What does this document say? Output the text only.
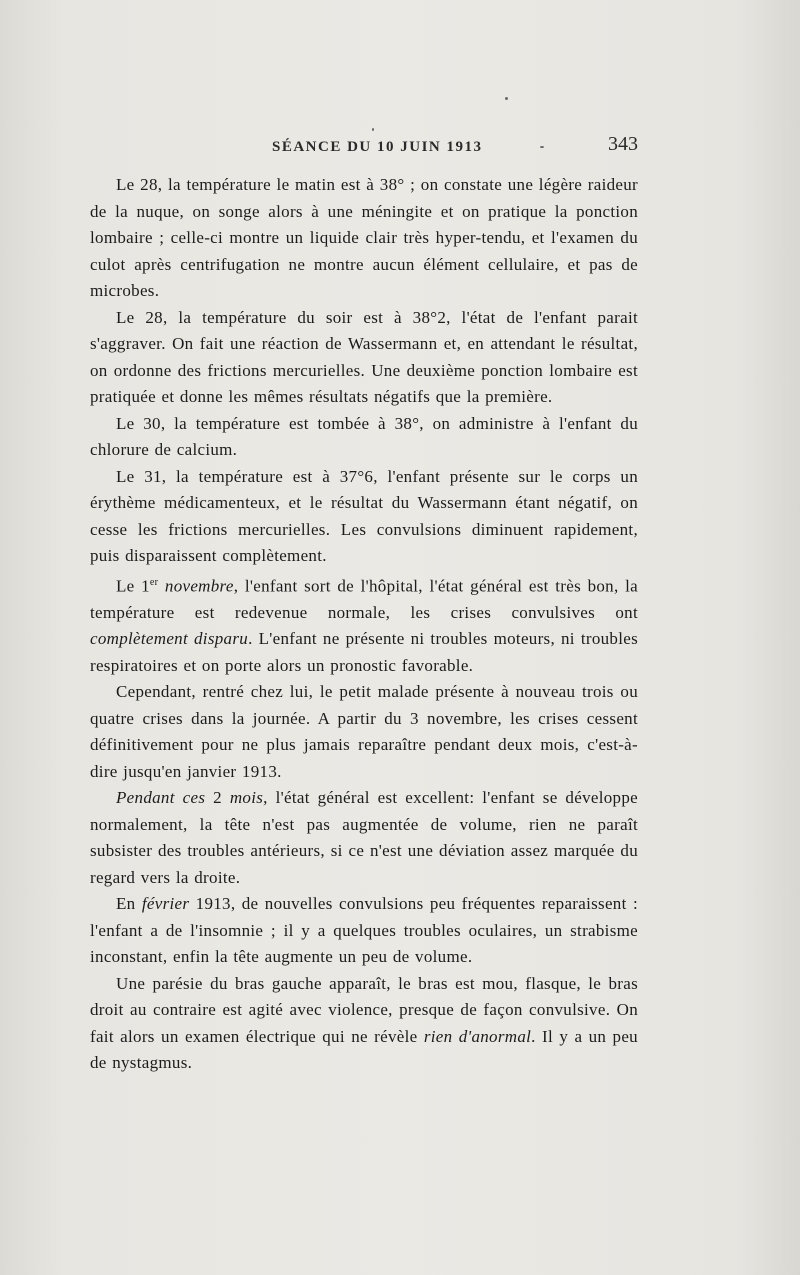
SÉANCE DU 10 JUIN 1913	343

Le 28, la température le matin est à 38° ; on constate une légère raideur de la nuque, on songe alors à une méningite et on pratique la ponction lombaire ; celle-ci montre un liquide clair très hyper-tendu, et l'examen du culot après centrifugation ne montre aucun élément cellulaire, et pas de microbes.

Le 28, la température du soir est à 38°2, l'état de l'enfant parait s'aggraver. On fait une réaction de Wassermann et, en attendant le résultat, on ordonne des frictions mercurielles. Une deuxième ponction lombaire est pratiquée et donne les mêmes résultats négatifs que la première.

Le 30, la température est tombée à 38°, on administre à l'enfant du chlorure de calcium.

Le 31, la température est à 37°6, l'enfant présente sur le corps un érythème médicamenteux, et le résultat du Wassermann étant négatif, on cesse les frictions mercurielles. Les convulsions diminuent rapidement, puis disparaissent complètement.

Le 1er novembre, l'enfant sort de l'hôpital, l'état général est très bon, la température est redevenue normale, les crises convulsives ont complètement disparu. L'enfant ne présente ni troubles moteurs, ni troubles respiratoires et on porte alors un pronostic favorable.

Cependant, rentré chez lui, le petit malade présente à nouveau trois ou quatre crises dans la journée. A partir du 3 novembre, les crises cessent définitivement pour ne plus jamais reparaître pendant deux mois, c'est-à-dire jusqu'en janvier 1913.

Pendant ces 2 mois, l'état général est excellent: l'enfant se développe normalement, la tête n'est pas augmentée de volume, rien ne paraît subsister des troubles antérieurs, si ce n'est une déviation assez marquée du regard vers la droite.

En février 1913, de nouvelles convulsions peu fréquentes reparaissent : l'enfant a de l'insomnie ; il y a quelques troubles oculaires, un strabisme inconstant, enfin la tête augmente un peu de volume.

Une parésie du bras gauche apparaît, le bras est mou, flasque, le bras droit au contraire est agité avec violence, presque de façon convulsive. On fait alors un examen électrique qui ne révèle rien d'anormal. Il y a un peu de nystagmus.
